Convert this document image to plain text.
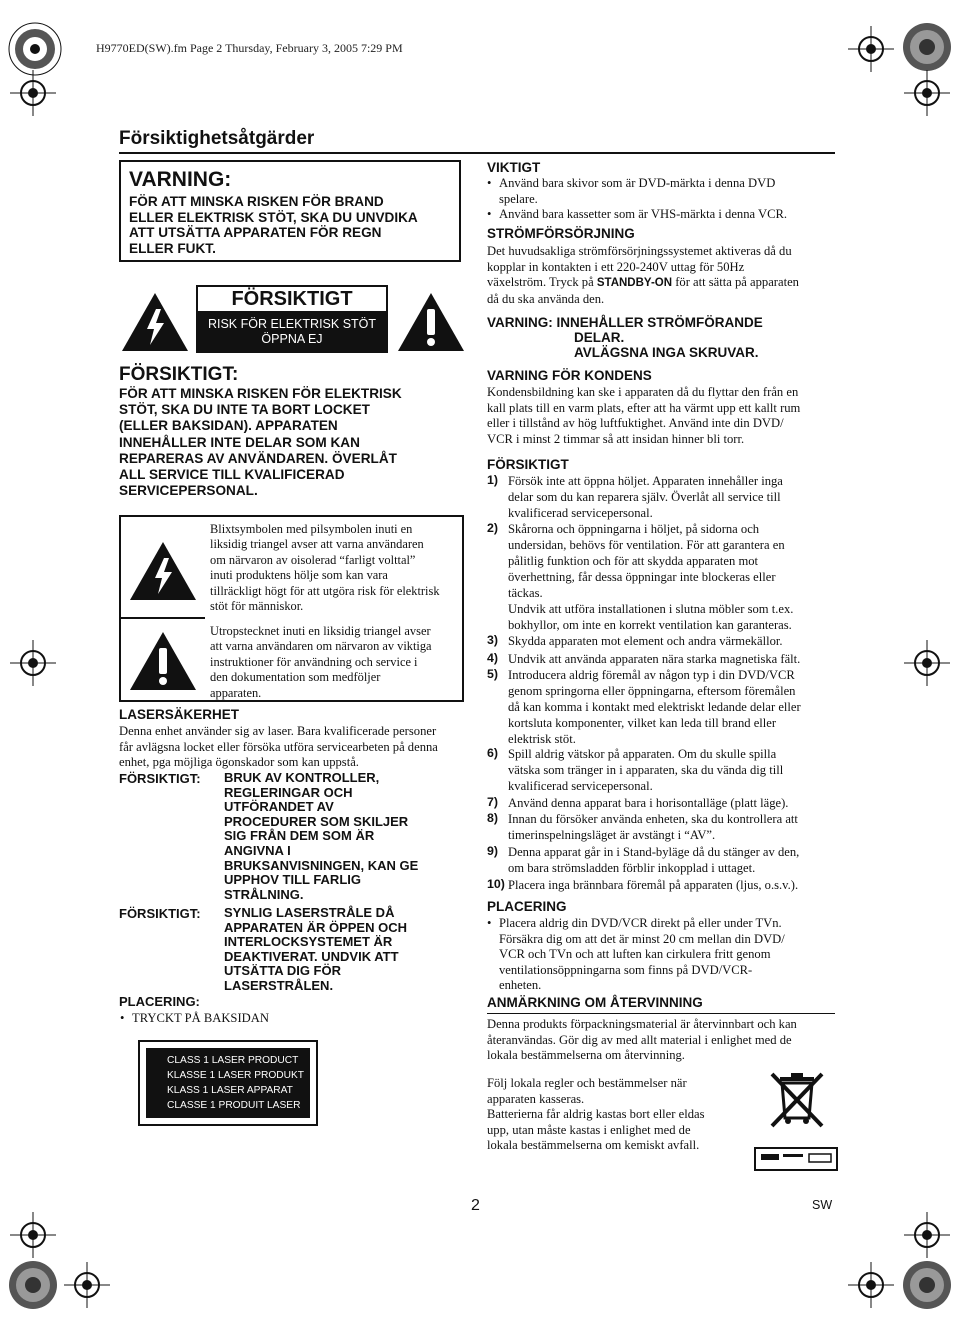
H9770ED(SW).fm Page 2 Thursday, February 3, 2005 7:29 PM
Försiktighetsåtgärder
VARNING:
FÖR ATT MINSKA RISKEN FÖR BRAND
ELLER ELEKTRISK STÖT, SKA DU UNVDIKA
ATT UTSÄTTA APPARATEN FÖR REGN
ELLER FUKT.
FÖRSIKTIGT
RISK FÖR ELEKTRISK STÖT
ÖPPNA EJ
FÖRSIKTIGT:
FÖR ATT MINSKA RISKEN FÖR ELEKTRISK
STÖT, SKA DU INTE TA BORT LOCKET
(ELLER BAKSIDAN). APPARATEN
INNEHÅLLER INTE DELAR SOM KAN
REPARERAS AV ANVÄNDAREN. ÖVERLÅT
ALL SERVICE TILL KVALIFICERAD
SERVICEPERSONAL.
Blixtsymbolen med pilsymbolen inuti en
liksidig triangel avser att varna användaren
om närvaron av oisolerad “farligt volttal”
inuti produktens hölje som kan vara
tillräckligt högt för att utgöra risk för elektrisk
stöt för människor.
Utropstecknet inuti en liksidig triangel avser
att varna användaren om närvaron av viktiga
instruktioner för användning och service i
den dokumentation som medföljer
apparaten.
LASERSÄKERHET
Denna enhet använder sig av laser. Bara kvalificerade personer
får avlägsna locket eller försöka utföra servicearbeten på denna
enhet, pga möjliga ögonskador som kan uppstå.
FÖRSIKTIGT: BRUK AV KONTROLLER,
REGLERINGAR OCH
UTFÖRANDET AV
PROCEDURER SOM SKILJER
SIG FRÅN DEM SOM ÄR
ANGIVNA I
BRUKSANVISNINGEN, KAN GE
UPPHOV TILL FARLIG
STRÅLNING.
FÖRSIKTIGT: SYNLIG LASERSTRÅLE DÅ
APPARATEN ÄR ÖPPEN OCH
INTERLOCKSYSTEMET ÄR
DEAKTIVERAT. UNDVIK ATT
UTSÄTTA DIG FÖR
LASERSTRÅLEN.
PLACERING:
• TRYCKT PÅ BAKSIDAN
CLASS 1 LASER PRODUCT
KLASSE 1 LASER PRODUKT
KLASS 1 LASER APPARAT
CLASSE 1 PRODUIT LASER
VIKTIGT
• Använd bara skivor som är DVD-märkta i denna DVD
spelare.
• Använd bara kassetter som är VHS-märkta i denna VCR.
STRÖMFÖRSÖRJNING
Det huvudsakliga strömförsörjningssystemet aktiveras då du
kopplar in kontakten i ett 220-240V uttag för 50Hz
växelström. Tryck på STANDBY-ON för att sätta på apparaten
då du ska använda den.
VARNING: INNEHÅLLER STRÖMFÖRANDE
DELAR.
AVLÄGSNA INGA SKRUVAR.
VARNING FÖR KONDENS
Kondensbildning kan ske i apparaten då du flyttar den från en
kall plats till en varm plats, efter att ha värmt upp ett kallt rum
eller i tillstånd av hög luftfuktighet. Använd inte din DVD/
VCR i minst 2 timmar så att insidan hinner bli torr.
FÖRSIKTIGT
1) Försök inte att öppna höljet. Apparaten innehåller inga
delar som du kan reparera själv. Överlåt all service till
kvalificerad servicepersonal.
2) Skårorna och öppningarna i höljet, på sidorna och
undersidan, behövs för ventilation. För att garantera en
pålitlig funktion och för att skydda apparaten mot
överhettning, får dessa öppningar inte blockeras eller
täckas.
Undvik att utföra installationen i slutna möbler som t.ex.
bokhyllor, om inte en korrekt ventilation kan garanteras.
3) Skydda apparaten mot element och andra värmekällor.
4) Undvik att använda apparaten nära starka magnetiska fält.
5) Introducera aldrig föremål av någon typ i din DVD/VCR
genom springorna eller öppningarna, eftersom föremålen
då kan komma i kontakt med elektriskt ledande delar eller
kortsluta komponenter, vilket kan leda till brand eller
elektrisk stöt.
6) Spill aldrig vätskor på apparaten. Om du skulle spilla
vätska som tränger in i apparaten, ska du vända dig till
kvalificerad servicepersonal.
7) Använd denna apparat bara i horisontalläge (platt läge).
8) Innan du försöker använda enheten, ska du kontrollera att
timerinspelningsläget är avstängt i “AV”.
9) Denna apparat går in i Stand-byläge då du stänger av den,
om bara strömsladden förblir inkopplad i uttaget.
10) Placera inga brännbara föremål på apparaten (ljus, o.s.v.).
PLACERING
• Placera aldrig din DVD/VCR direkt på eller under TVn.
Försäkra dig om att det är minst 20 cm mellan din DVD/
VCR och TVn och att luften kan cirkulera fritt genom
ventilationsöppningarna som finns på DVD/VCR-
enheten.
ANMÄRKNING OM ÅTERVINNING
Denna produkts förpackningsmaterial är återvinnbart och kan
återanvändas. Gör dig av med allt material i enlighet med de
lokala bestämmelserna om återvinning.
Följ lokala regler och bestämmelser när
apparaten kasseras.
Batterierna får aldrig kastas bort eller eldas
upp, utan måste kastas i enlighet med de
lokala bestämmelserna om kemiskt avfall.
2	SW
